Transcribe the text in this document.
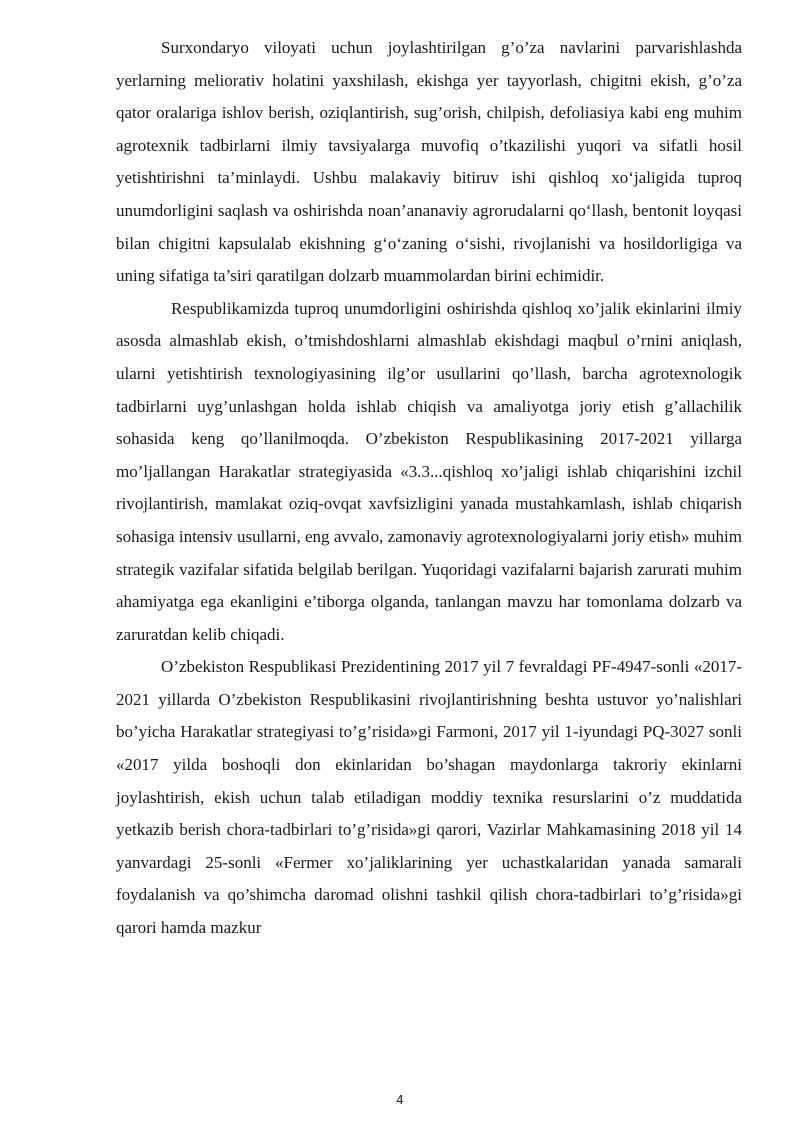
Surxondaryo viloyati uchun joylashtirilgan g’o’za navlarini parvarishlashda yerlarning meliorativ holatini yaxshilash, ekishga yer tayyorlash, chigitni ekish, g’o’za qator oralariga ishlov berish, oziqlantirish, sug’orish, chilpish, defoliasiya kabi eng muhim agrotexnik tadbirlarni ilmiy tavsiyalarga muvofiq o’tkazilishi yuqori va sifatli hosil yetishtirishni ta’minlaydi. Ushbu malakaviy bitiruv ishi qishloq xo‘jaligida tuproq unumdorligini saqlash va oshirishda noan’ananaviy agrorudalarni qo‘llash, bentonit loyqasi bilan chigitni kapsulalab ekishning g‘o‘zaning o‘sishi, rivojlanishi va hosildorligiga va uning sifatiga ta’siri qaratilgan dolzarb muammolardan birini echimidir.

Respublikamizda tuproq unumdorligini oshirishda qishloq xo’jalik ekinlarini ilmiy asosda almashlab ekish, o’tmishdoshlarni almashlab ekishdagi maqbul o’rnini aniqlash, ularni yetishtirish texnologiyasining ilg’or usullarini qo’llash, barcha agrotexnologik tadbirlarni uyg’unlashgan holda ishlab chiqish va amaliyotga joriy etish g’allachilik sohasida keng qo’llanilmoqda. O’zbekiston Respublikasining 2017-2021 yillarga mo’ljallangan Harakatlar strategiyasida «3.3...qishloq xo’jaligi ishlab chiqarishini izchil rivojlantirish, mamlakat oziq-ovqat xavfsizligini yanada mustahkamlash, ishlab chiqarish sohasiga intensiv usullarni, eng avvalo, zamonaviy agrotexnologiyalarni joriy etish» muhim strategik vazifalar sifatida belgilab berilgan. Yuqoridagi vazifalarni bajarish zarurati muhim ahamiyatga ega ekanligini e’tiborga olganda, tanlangan mavzu har tomonlama dolzarb va zaruratdan kelib chiqadi.

O’zbekiston Respublikasi Prezidentining 2017 yil 7 fevraldagi PF-4947-sonli «2017-2021 yillarda O’zbekiston Respublikasini rivojlantirishning beshta ustuvor yo’nalishlari bo’yicha Harakatlar strategiyasi to’g’risida»gi Farmoni, 2017 yil 1-iyundagi PQ-3027 sonli «2017 yilda boshoqli don ekinlaridan bo’shagan maydonlarga takroriy ekinlarni joylashtirish, ekish uchun talab etiladigan moddiy texnika resurslarini o’z muddatida yetkazib berish chora-tadbirlari to’g’risida»gi qarori, Vazirlar Mahkamasining 2018 yil 14 yanvardagi 25-sonli «Fermer xo’jaliklarining yer uchastkalaridan yanada samarali foydalanish va qo’shimcha daromad olishni tashkil qilish chora-tadbirlari to’g’risida»gi qarori hamda mazkur

4
